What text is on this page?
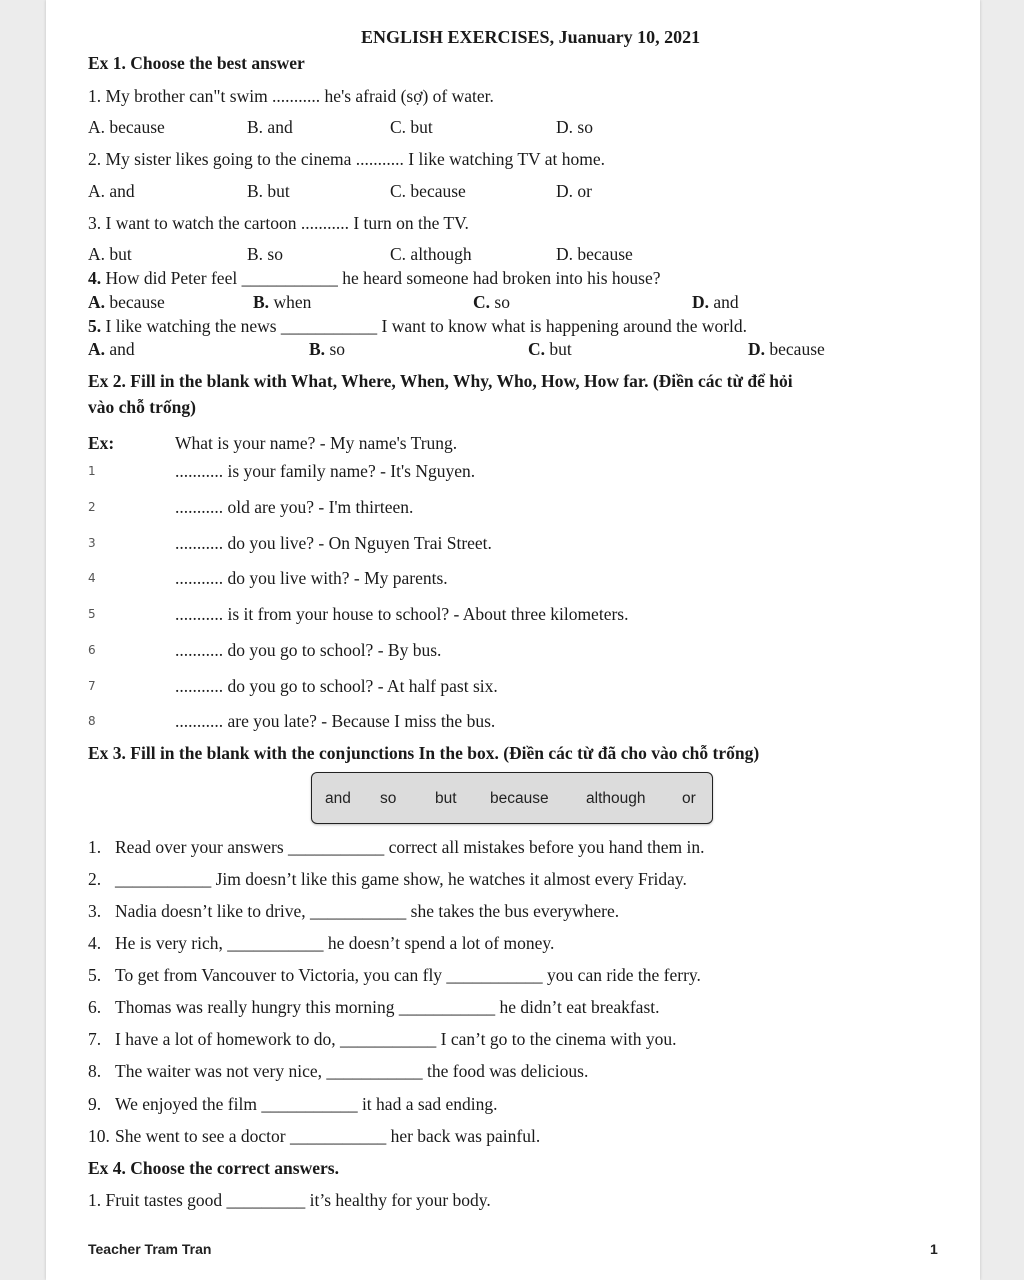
ENGLISH EXERCISES, Juanuary 10, 2021
Ex 1. Choose the best answer
1. My brother can"t swim ........... he's afraid (sợ) of water.
A. because	B. and	C. but	D. so
2. My sister likes going to the cinema ........... I like watching TV at home.
A. and	B. but	C. because	D. or
3. I want to watch the cartoon ........... I turn on the TV.
A. but	B. so	C. although	D. because
4. How did Peter feel ___________ he heard someone had broken into his house?
A. because	B. when	C. so	D. and
5. I like watching the news ___________ I want to know what is happening around the world.
A. and	B. so	C. but	D. because
Ex 2. Fill in the blank with What, Where, When, Why, Who, How, How far. (Điền các từ để hỏi vào chỗ trống)
Ex:	What is your name? - My name's Trung.
1	........... is your family name? - It's Nguyen.
2	........... old are you? - I'm thirteen.
3	........... do you live? - On Nguyen Trai Street.
4	........... do you live with? - My parents.
5	........... is it from your house to school? - About three kilometers.
6	........... do you go to school? - By bus.
7	........... do you go to school? - At half past six.
8	........... are you late? - Because I miss the bus.
Ex 3. Fill in the blank with the conjunctions In the box. (Điền các từ đã cho vào chỗ trống)
and so but because although or
1. Read over your answers ___________ correct all mistakes before you hand them in.
2. ___________ Jim doesn’t like this game show, he watches it almost every Friday.
3. Nadia doesn’t like to drive, ___________ she takes the bus everywhere.
4. He is very rich, ___________ he doesn’t spend a lot of money.
5. To get from Vancouver to Victoria, you can fly ___________ you can ride the ferry.
6. Thomas was really hungry this morning ___________ he didn’t eat breakfast.
7. I have a lot of homework to do, ___________ I can’t go to the cinema with you.
8. The waiter was not very nice, ___________ the food was delicious.
9. We enjoyed the film ___________ it had a sad ending.
10. She went to see a doctor ___________ her back was painful.
Ex 4. Choose the correct answers.
1. Fruit tastes good _________ it’s healthy for your body.
Teacher Tram Tran	1
